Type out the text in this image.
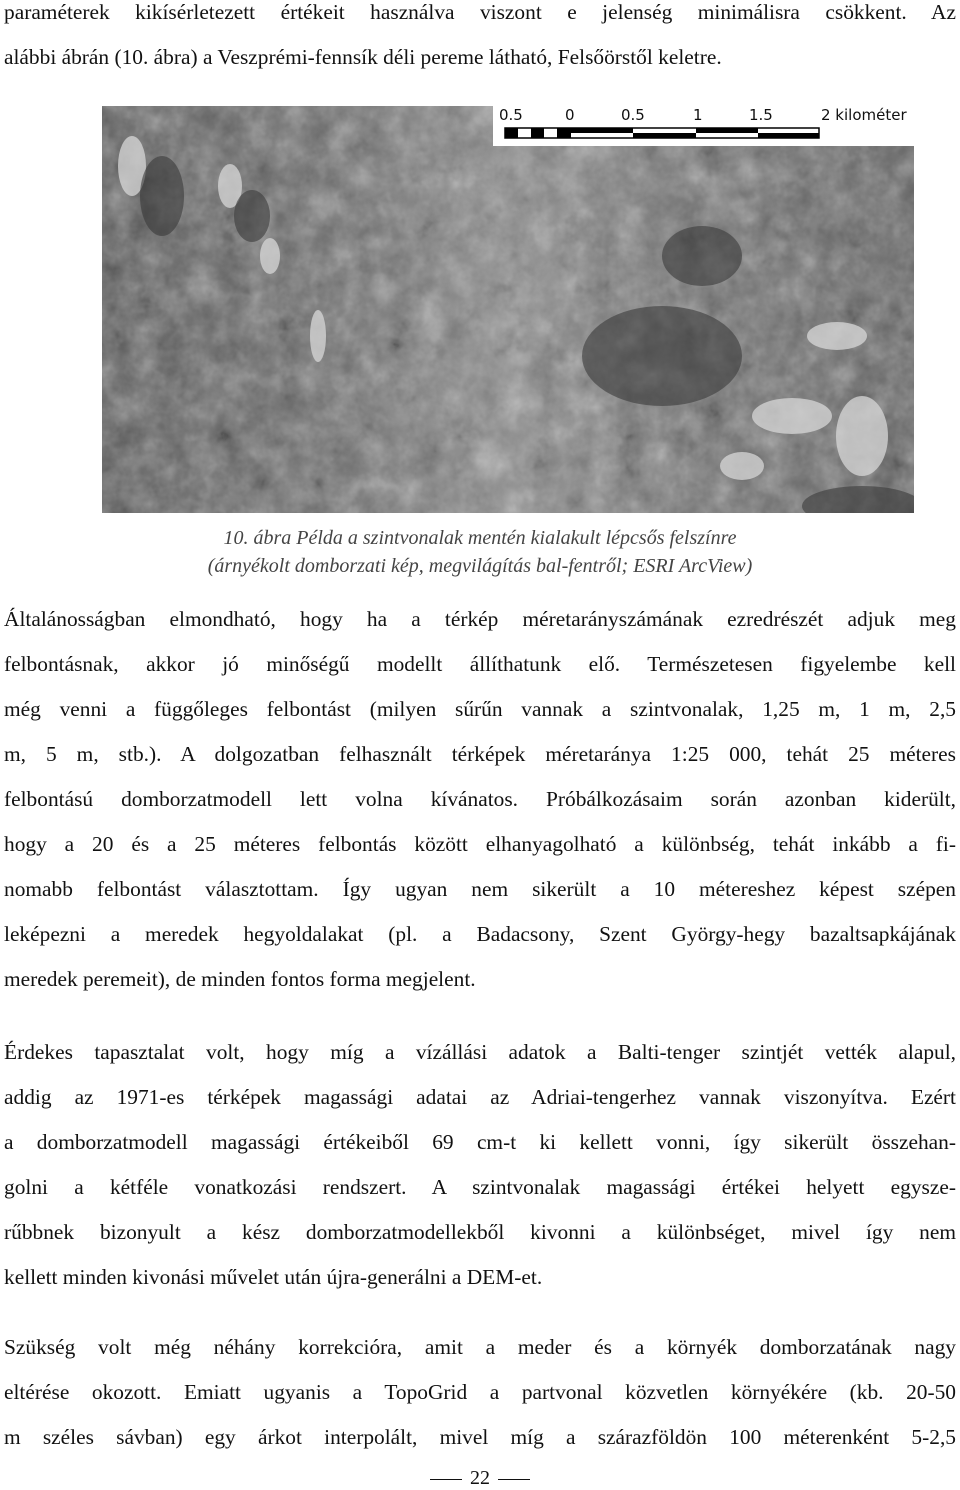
paraméterek kikísérletezett értékeit használva viszont e jelenség minimálisra csökkent. Az
alábbi ábrán (10. ábra) a Veszprémi-fennsík déli pereme látható, Felsőörstől keletre.

0.5	0	0.5	1	1.5	2 kilométer
10. ábra Példa a szintvonalak mentén kialakult lépcsős felszínre
(árnyékolt domborzati kép, megvilágítás bal-fentről; ESRI ArcView)

Általánosságban elmondható, hogy ha a térkép méretarányszámának ezredrészét adjuk meg
felbontásnak, akkor jó minőségű modellt állíthatunk elő. Természetesen figyelembe kell
még venni a függőleges felbontást (milyen sűrűn vannak a szintvonalak, 1,25 m, 1 m, 2,5
m, 5 m, stb.). A dolgozatban felhasznált térképek méretaránya 1:25 000, tehát 25 méteres
felbontású domborzatmodell lett volna kívánatos. Próbálkozásaim során azonban kiderült,
hogy a 20 és a 25 méteres felbontás között elhanyagolható a különbség, tehát inkább a fi-
nomabb felbontást választottam. Így ugyan nem sikerült a 10 métereshez képest szépen
leképezni a meredek hegyoldalakat (pl. a Badacsony, Szent György-hegy bazaltsapkájának
meredek peremeit), de minden fontos forma megjelent.

Érdekes tapasztalat volt, hogy míg a vízállási adatok a Balti-tenger szintjét vették alapul,
addig az 1971-es térképek magassági adatai az Adriai-tengerhez vannak viszonyítva. Ezért
a domborzatmodell magassági értékeiből 69 cm-t ki kellett vonni, így sikerült összehan-
golni a kétféle vonatkozási rendszert. A szintvonalak magassági értékei helyett egysze-
rűbbnek bizonyult a kész domborzatmodellekből kivonni a különbséget, mivel így nem
kellett minden kivonási művelet után újra-generálni a DEM-et.

Szükség volt még néhány korrekcióra, amit a meder és a környék domborzatának nagy
eltérése okozott. Emiatt ugyanis a TopoGrid a partvonal közvetlen környékére (kb. 20-50
m széles sávban) egy árkot interpolált, mivel míg a szárazföldön 100 méterenként 5-2,5

22
